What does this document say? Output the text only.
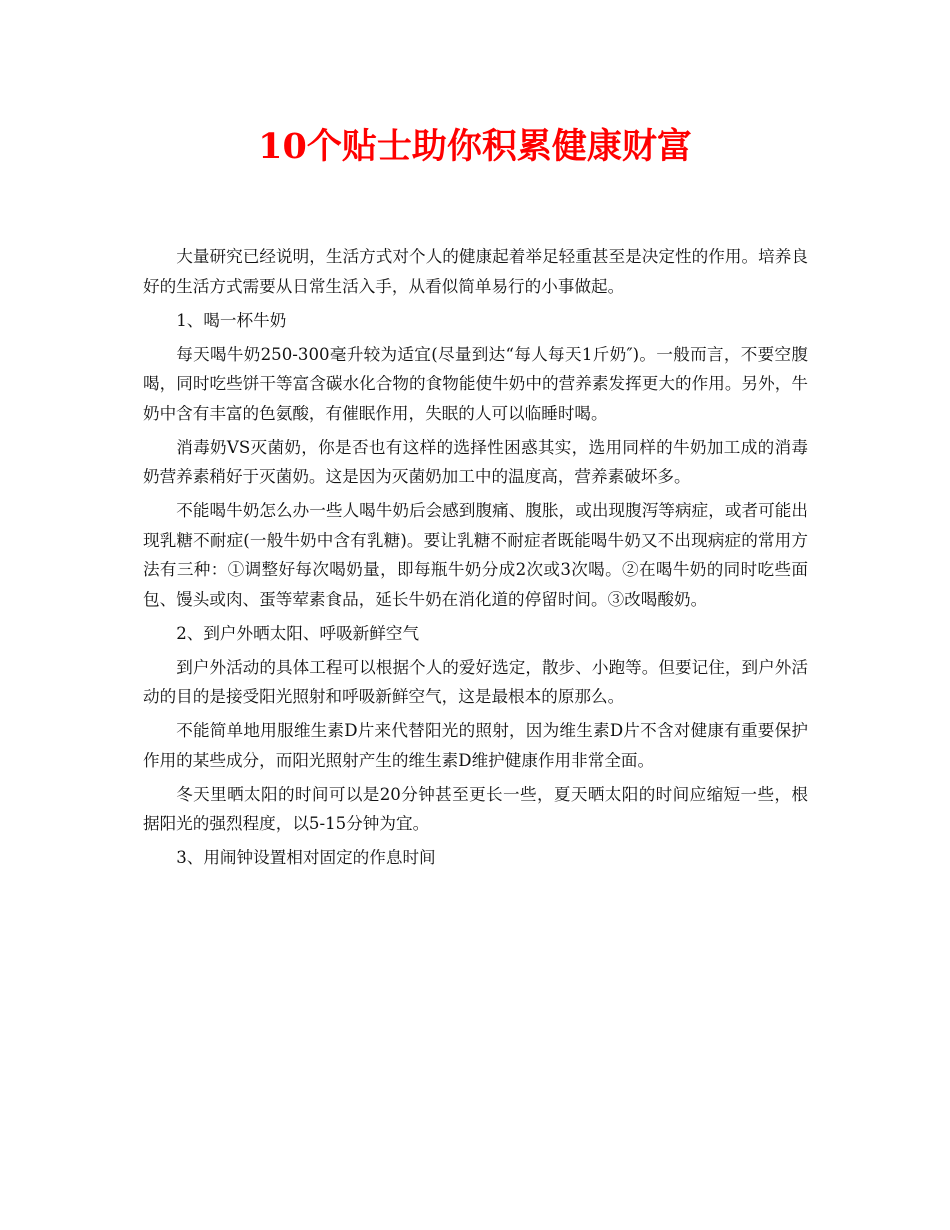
10个贴士助你积累健康财富

大量研究已经说明，生活方式对个人的健康起着举足轻重甚至是决定性的作用。培养良好的生活方式需要从日常生活入手，从看似简单易行的小事做起。

1、喝一杯牛奶

每天喝牛奶250-300毫升较为适宜(尽量到达“每人每天1斤奶″)。一般而言，不要空腹喝，同时吃些饼干等富含碳水化合物的食物能使牛奶中的营养素发挥更大的作用。另外，牛奶中含有丰富的色氨酸，有催眠作用，失眠的人可以临睡时喝。

消毒奶VS灭菌奶，你是否也有这样的选择性困惑其实，选用同样的牛奶加工成的消毒奶营养素稍好于灭菌奶。这是因为灭菌奶加工中的温度高，营养素破坏多。

不能喝牛奶怎么办一些人喝牛奶后会感到腹痛、腹胀，或出现腹泻等病症，或者可能出现乳糖不耐症(一般牛奶中含有乳糖)。要让乳糖不耐症者既能喝牛奶又不出现病症的常用方法有三种：①调整好每次喝奶量，即每瓶牛奶分成2次或3次喝。②在喝牛奶的同时吃些面包、馒头或肉、蛋等荤素食品，延长牛奶在消化道的停留时间。③改喝酸奶。

2、到户外晒太阳、呼吸新鲜空气

到户外活动的具体工程可以根据个人的爱好选定，散步、小跑等。但要记住，到户外活动的目的是接受阳光照射和呼吸新鲜空气，这是最根本的原那么。

不能简单地用服维生素D片来代替阳光的照射，因为维生素D片不含对健康有重要保护作用的某些成分，而阳光照射产生的维生素D维护健康作用非常全面。

冬天里晒太阳的时间可以是20分钟甚至更长一些，夏天晒太阳的时间应缩短一些，根据阳光的强烈程度，以5-15分钟为宜。

3、用闹钟设置相对固定的作息时间
